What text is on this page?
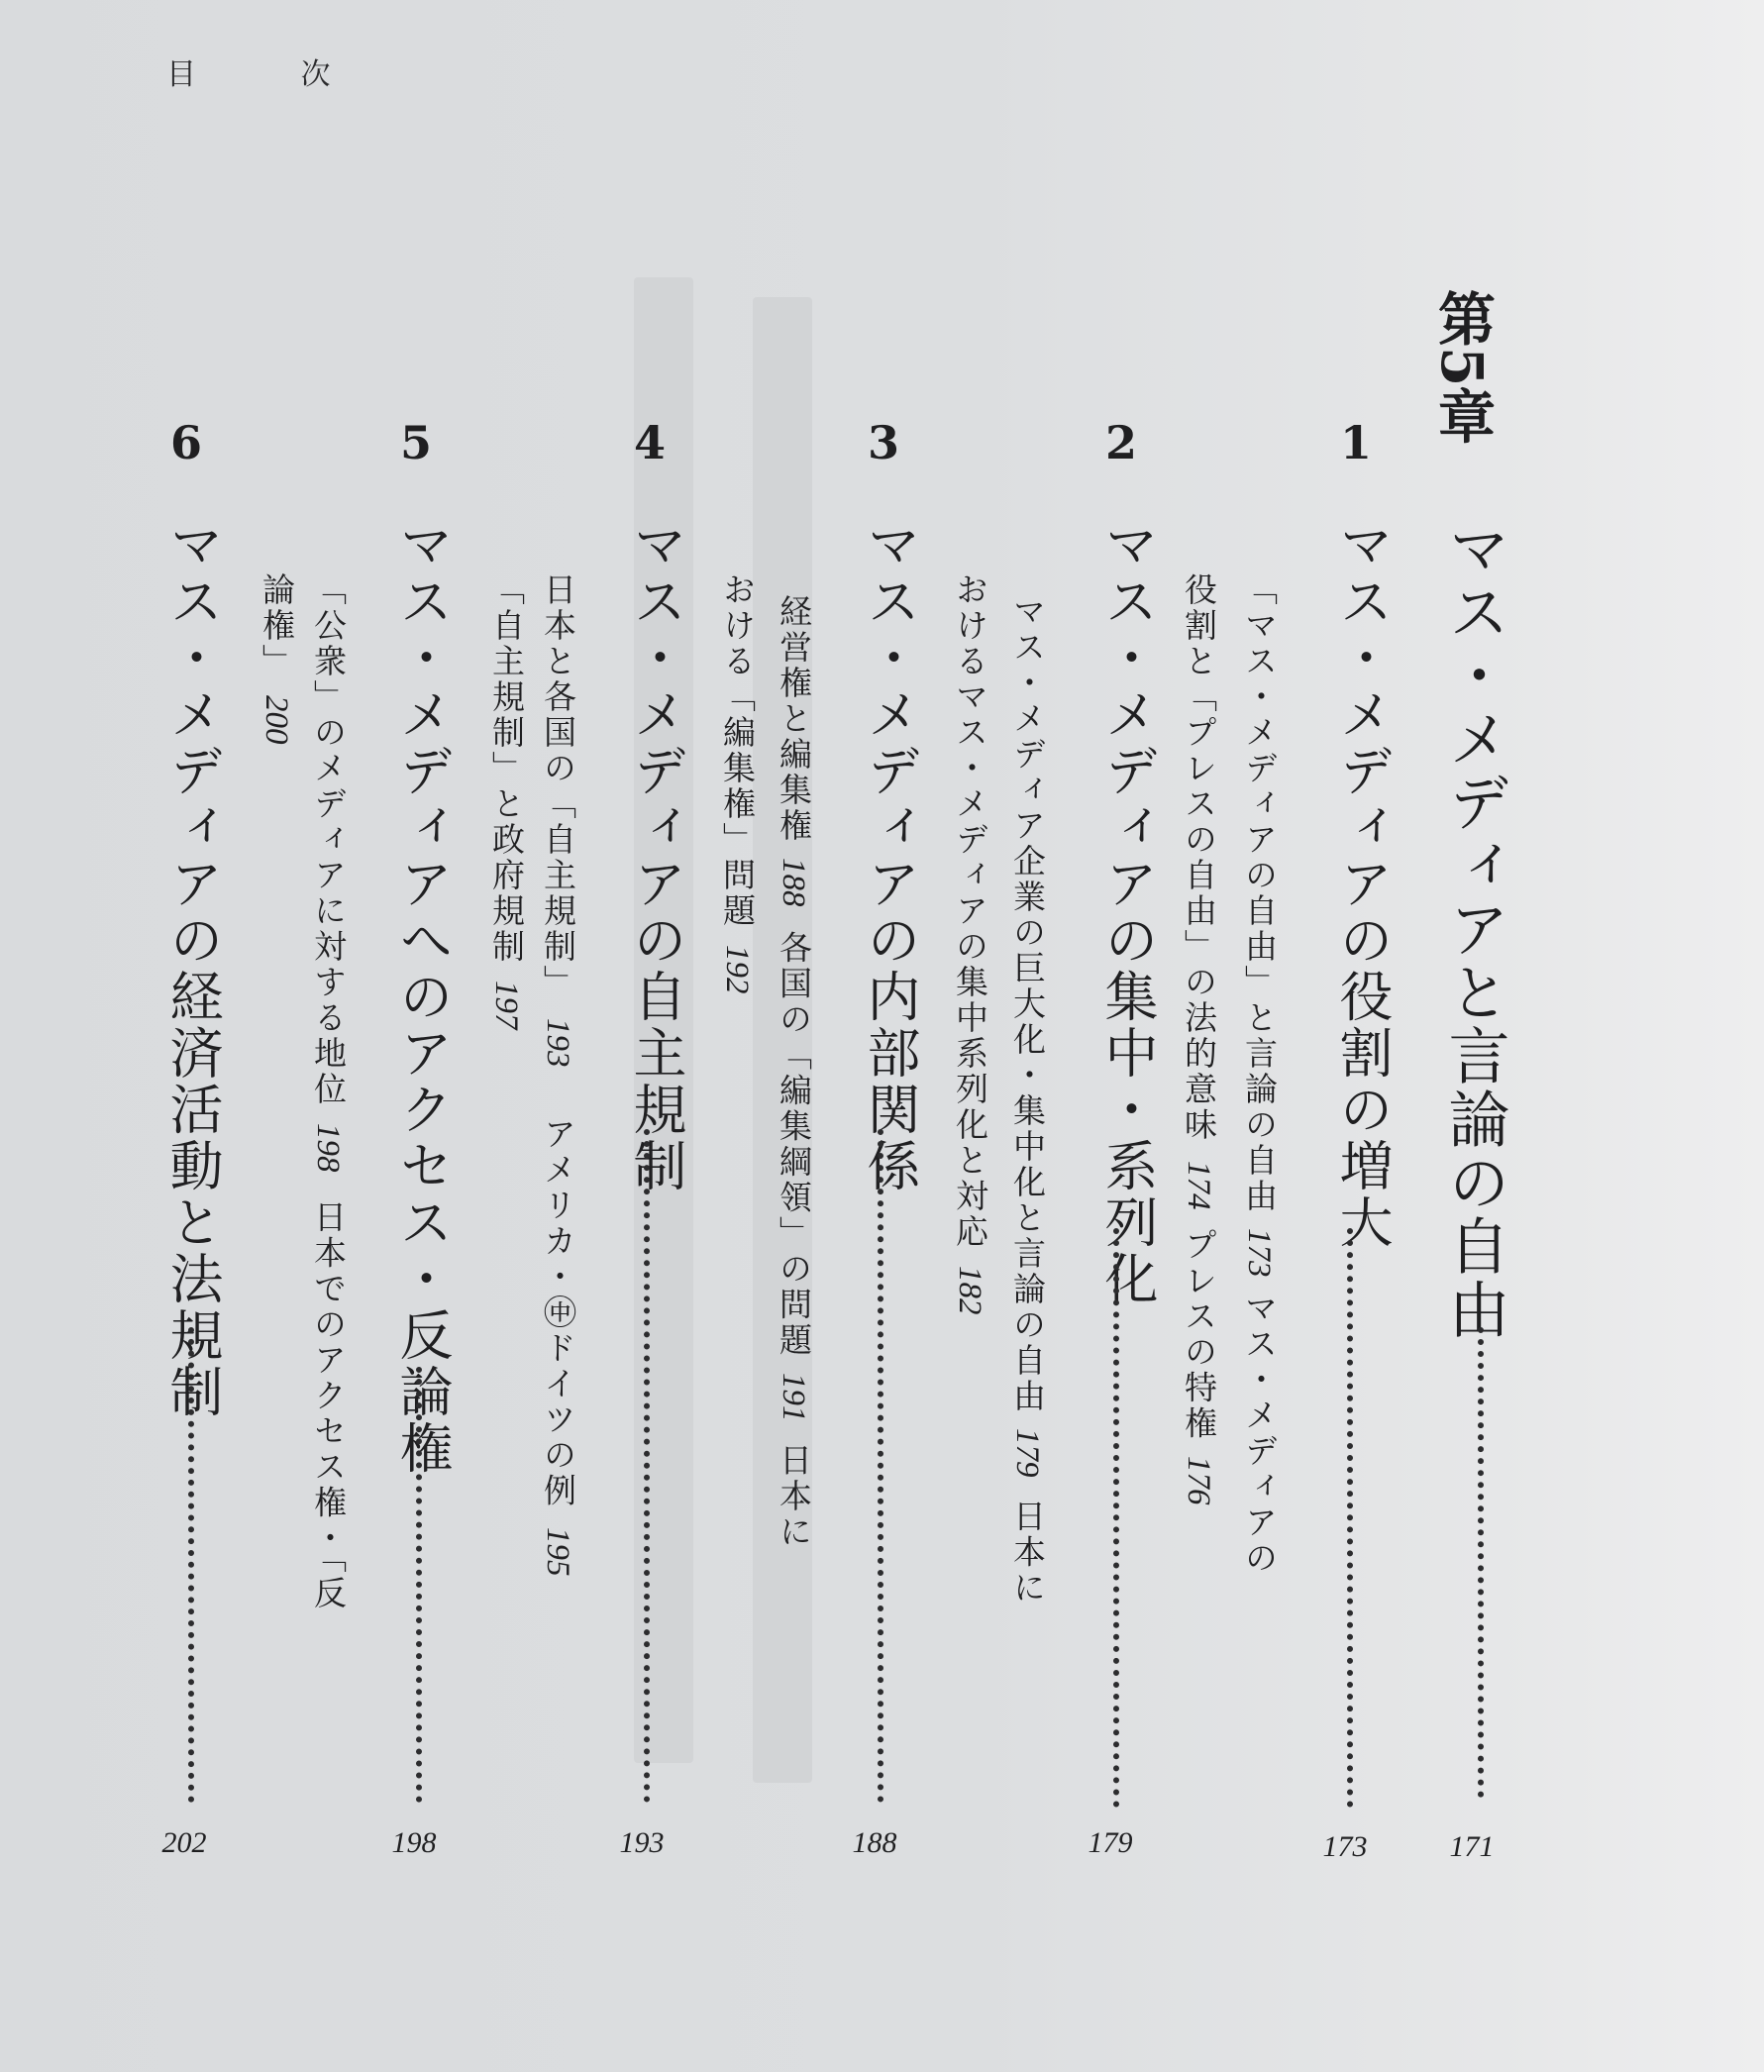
目 次
第5章
マス・メディアと言論の自由
171
1
マス・メディアの役割の増大
173
「マス・メディアの自由」と言論の自由173マス・メディアの
役割と「プレスの自由」の法的意味174プレスの特権176
2
マス・メディアの集中・系列化
179
マス・メディア企業の巨大化・集中化と言論の自由179日本に
おけるマス・メディアの集中系列化と対応182
3
マス・メディアの内部関係
188
経営権と編集権188各国の「編集綱領」の問題191日本に
おける「編集権」問題192
4
マス・メディアの自主規制
193
日本と各国の「自主規制」193アメリカ・㊥ドイツの例195
「自主規制」と政府規制197
5
マス・メディアへのアクセス・反論権
198
「公衆」のメディアに対する地位198日本でのアクセス権・「反
論権」200
6
マス・メディアの経済活動と法規制
202
